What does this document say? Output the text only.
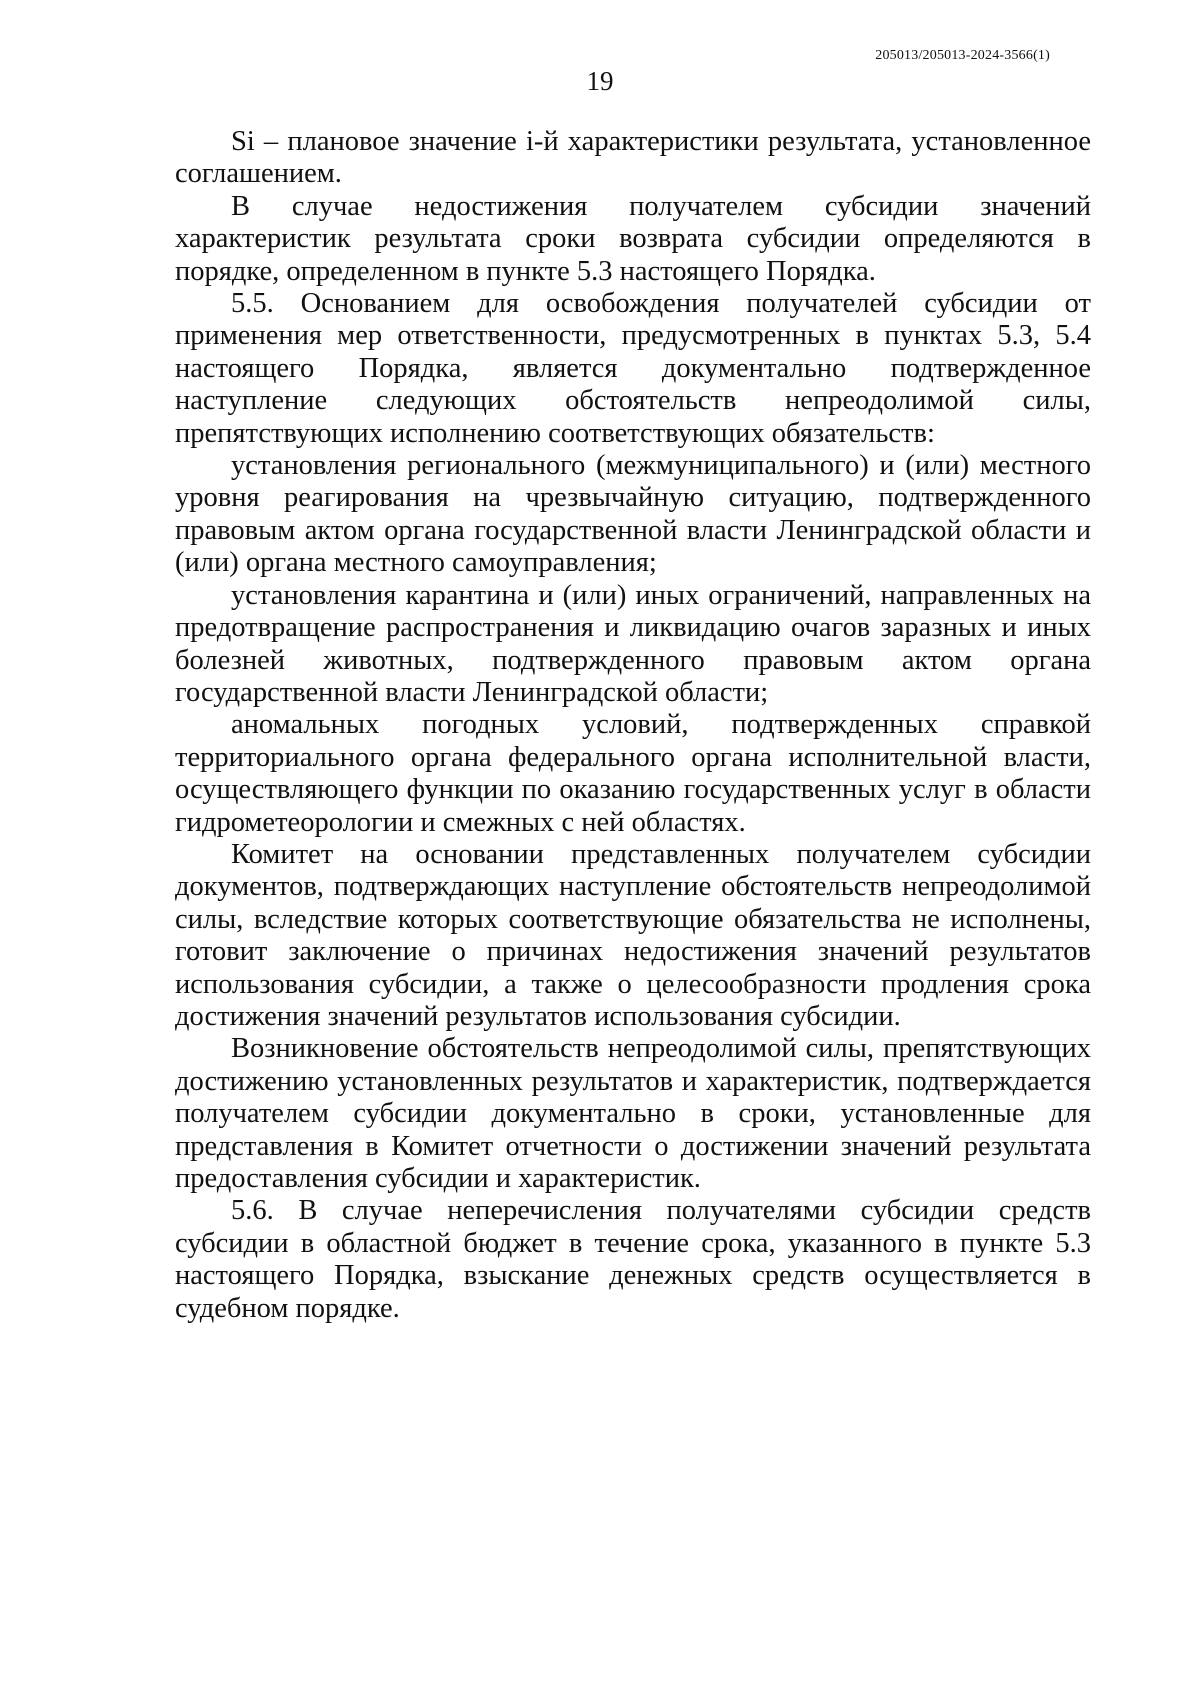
205013/205013-2024-3566(1)
19

Si – плановое значение i-й характеристики результата, установленное соглашением.

В случае недостижения получателем субсидии значений характеристик результата сроки возврата субсидии определяются в порядке, определенном в пункте 5.3 настоящего Порядка.

5.5. Основанием для освобождения получателей субсидии от применения мер ответственности, предусмотренных в пунктах 5.3, 5.4 настоящего Порядка, является документально подтвержденное наступление следующих обстоятельств непреодолимой силы, препятствующих исполнению соответствующих обязательств:

установления регионального (межмуниципального) и (или) местного уровня реагирования на чрезвычайную ситуацию, подтвержденного правовым актом органа государственной власти Ленинградской области и (или) органа местного самоуправления;

установления карантина и (или) иных ограничений, направленных на предотвращение распространения и ликвидацию очагов заразных и иных болезней животных, подтвержденного правовым актом органа государственной власти Ленинградской области;

аномальных погодных условий, подтвержденных справкой территориального органа федерального органа исполнительной власти, осуществляющего функции по оказанию государственных услуг в области гидрометеорологии и смежных с ней областях.

Комитет на основании представленных получателем субсидии документов, подтверждающих наступление обстоятельств непреодолимой силы, вследствие которых соответствующие обязательства не исполнены, готовит заключение о причинах недостижения значений результатов использования субсидии, а также о целесообразности продления срока достижения значений результатов использования субсидии.

Возникновение обстоятельств непреодолимой силы, препятствующих достижению установленных результатов и характеристик, подтверждается получателем субсидии документально в сроки, установленные для представления в Комитет отчетности о достижении значений результата предоставления субсидии и характеристик.

5.6. В случае неперечисления получателями субсидии средств субсидии в областной бюджет в течение срока, указанного в пункте 5.3 настоящего Порядка, взыскание денежных средств осуществляется в судебном порядке.
